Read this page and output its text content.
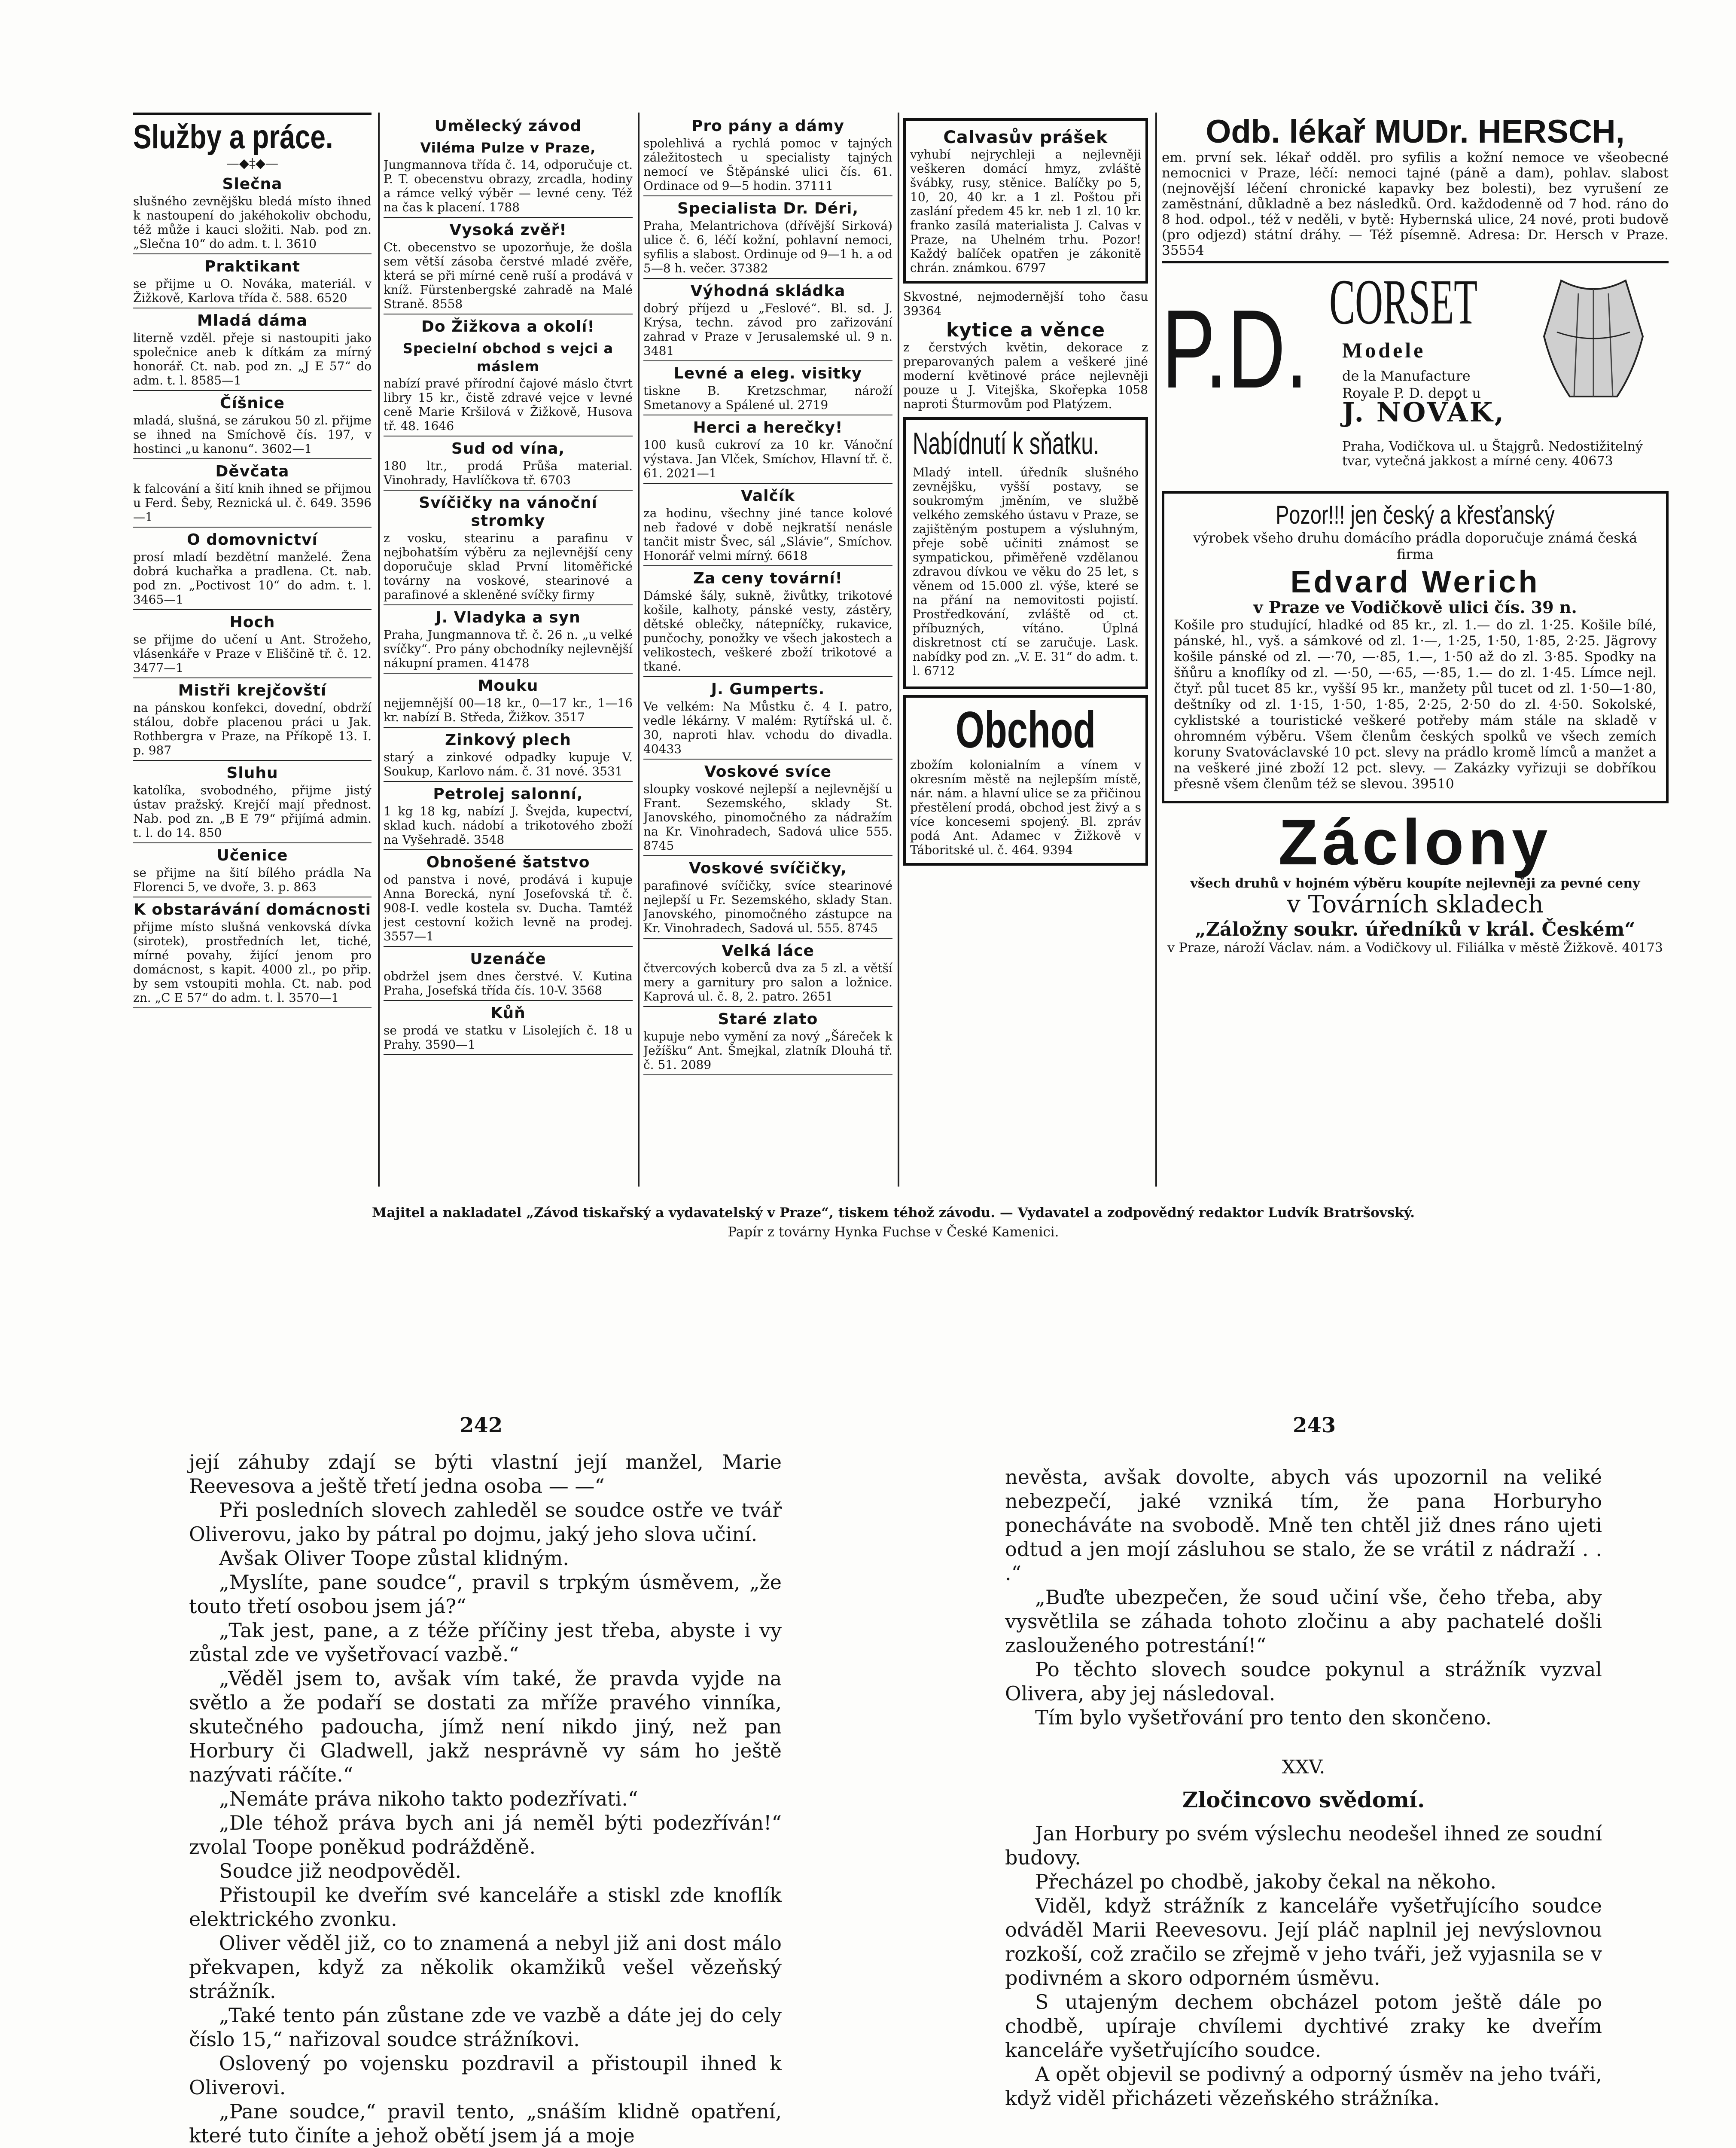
Služby a práce.
—◆‡◆—
Slečna

slušného zevnějšku bledá místo ihned k nastoupení do jakéhokoliv obchodu, též může i kauci složiti. Nab. pod zn. „Slečna 10“ do adm. t. l. 3610

Praktikant

se přijme u O. Nováka, materiál. v Žižkově, Karlova třída č. 588. 6520

Mladá dáma

literně vzděl. přeje si nastoupiti jako společnice aneb k dítkám za mírný honorář. Ct. nab. pod zn. „J E 57“ do adm. t. l. 8585—1

Číšnice

mladá, slušná, se zárukou 50 zl. přijme se ihned na Smíchově čís. 197, v hostinci „u kanonu“. 3602—1

Děvčata

k falcování a šití knih ihned se přijmou u Ferd. Šeby, Reznická ul. č. 649. 3596—1

O domovnictví

prosí mladí bezdětní manželé. Žena dobrá kuchařka a pradlena. Ct. nab. pod zn. „Poctivost 10“ do adm. t. l. 3465—1

Hoch

se přijme do učení u Ant. Strožeho, vlásenkáře v Praze v Eliščině tř. č. 12. 3477—1

Mistři krejčovští

na pánskou konfekci, dovední, obdrží stálou, dobře placenou práci u Jak. Rothbergra v Praze, na Příkopě 13. I. p. 987

Sluhu

katolíka, svobodného, přijme jistý ústav pražský. Krejčí mají přednost. Nab. pod zn. „B E 79“ přijímá admin. t. l. do 14. 850

Učenice

se přijme na šití bílého prádla Na Florenci 5, ve dvoře, 3. p. 863

K obstarávání domácnosti

přijme místo slušná venkovská dívka (sirotek), prostředních let, tiché, mírné povahy, žijící jenom pro domácnost, s kapit. 4000 zl., po přip. by sem vstoupiti mohla. Ct. nab. pod zn. „C E 57“ do adm. t. l. 3570—1

Umělecký závod
Viléma Pulze v Praze,

Jungmannova třída č. 14, odporučuje ct. P. T. obecenstvu obrazy, zrcadla, hodiny a rámce velký výběr — levné ceny. Též na čas k placení. 1788

Vysoká zvěř!

Ct. obecenstvo se upozorňuje, že došla sem větší zásoba čerstvé mladé zvěře, která se při mírné ceně ruší a prodává v kníž. Fürstenbergské zahradě na Malé Straně. 8558

Do Žižkova a okolí!
Specielní obchod s vejci a máslem

nabízí pravé přírodní čajové máslo čtvrt libry 15 kr., čistě zdravé vejce v levné ceně Marie Kršilová v Žižkově, Husova tř. 48. 1646

Sud od vína,

180 ltr., prodá Průša material. Vinohrady, Havlíčkova tř. 6703

Svíčičky na vánoční stromky

z vosku, stearinu a parafinu v nejbohatším výběru za nejlevnější ceny doporučuje sklad První litoměřické továrny na voskové, stearinové a parafinové a skleněné svíčky firmy

J. Vladyka a syn

Praha, Jungmannova tř. č. 26 n. „u velké svíčky“. Pro pány obchodníky nejlevnější nákupní pramen. 41478

Mouku

nejjemnější 00—18 kr., 0—17 kr., 1—16 kr. nabízí B. Středa, Žižkov. 3517

Zinkový plech

starý a zinkové odpadky kupuje V. Soukup, Karlovo nám. č. 31 nové. 3531

Petrolej salonní,

1 kg 18 kg, nabízí J. Švejda, kupectví, sklad kuch. nádobí a trikotového zboží na Vyšehradě. 3548

Obnošené šatstvo

od panstva i nové, prodává i kupuje Anna Borecká, nyní Josefovská tř. č. 908-I. vedle kostela sv. Ducha. Tamtéž jest cestovní kožich levně na prodej. 3557—1

Uzenáče

obdržel jsem dnes čerstvé. V. Kutina Praha, Josefská třída čís. 10-V. 3568

Kůň

se prodá ve statku v Lisolejích č. 18 u Prahy. 3590—1

Pro pány a dámy

spolehlivá a rychlá pomoc v tajných záležitostech u specialisty tajných nemocí ve Štěpánské ulici čís. 61. Ordinace od 9—5 hodin. 37111

Specialista Dr. Déri,

Praha, Melantrichova (dřívější Sirková) ulice č. 6, léčí kožní, pohlavní nemoci, syfilis a slabost. Ordinuje od 9—1 h. a od 5—8 h. večer. 37382

Výhodná skládka

dobrý příjezd u „Feslové“. Bl. sd. J. Krýsa, techn. závod pro zařizování zahrad v Praze v Jerusalemské ul. 9 n. 3481

Levné a eleg. visitky

tiskne B. Kretzschmar, nároží Smetanovy a Spálené ul. 2719

Herci a herečky!

100 kusů cukroví za 10 kr. Vánoční výstava. Jan Vlček, Smíchov, Hlavní tř. č. 61. 2021—1

Valčík

za hodinu, všechny jiné tance kolové neb řadové v době nejkratší nenásle tančit mistr Švec, sál „Slávie“, Smíchov. Honorář velmi mírný. 6618

Za ceny tovární!

Dámské šály, sukně, živůtky, trikotové košile, kalhoty, pánské vesty, zástěry, dětské oblečky, nátepníčky, rukavice, punčochy, ponožky ve všech jakostech a velikostech, veškeré zboží trikotové a tkané.

J. Gumperts.

Ve velkém: Na Můstku č. 4 I. patro, vedle lékárny. V malém: Rytířská ul. č. 30, naproti hlav. vchodu do divadla. 40433

Voskové svíce

sloupky voskové nejlepší a nejlevnější u Frant. Sezemského, sklady St. Janovského, pinomočného za nádražím na Kr. Vinohradech, Sadová ulice 555. 8745

Voskové svíčičky,

parafinové svíčičky, svíce stearinové nejlepší u Fr. Sezemského, sklady Stan. Janovského, pinomočného zástupce na Kr. Vinohradech, Sadová ul. 555. 8745

Velká láce

čtvercových koberců dva za 5 zl. a větší mery a garnitury pro salon a ložnice. Kaprová ul. č. 8, 2. patro. 2651

Staré zlato

kupuje nebo vymění za nový „Šáreček k Ježíšku“ Ant. Šmejkal, zlatník Dlouhá tř. č. 51. 2089

Calvasův prášek

vyhubí nejrychleji a nejlevněji veškeren domácí hmyz, zvláště švábky, rusy, stěnice. Balíčky po 5, 10, 20, 40 kr. a 1 zl. Poštou při zaslání předem 45 kr. neb 1 zl. 10 kr. franko zasílá materialista J. Calvas v Praze, na Uhelném trhu. Pozor! Každý balíček opatřen je zákonitě chrán. známkou. 6797

Skvostné, nejmodernější toho času 39364

kytice a věnce

z čerstvých květin, dekorace z preparovaných palem a veškeré jiné moderní květinové práce nejlevněji pouze u J. Vitejška, Skořepka 1058 naproti Šturmovům pod Platýzem.

Nabídnutí k sňatku.

Mladý intell. úředník slušného zevnějšku, vyšší postavy, se soukromým jměním, ve službě velkého zemského ústavu v Praze, se zajištěným postupem a výsluhným, přeje sobě učiniti známost se sympatickou, přiměřeně vzdělanou zdravou dívkou ve věku do 25 let, s věnem od 15.000 zl. výše, které se na přání na nemovitosti pojistí. Prostředkování, zvláště od ct. příbuzných, vítáno. Úplná diskretnost ctí se zaručuje. Lask. nabídky pod zn. „V. E. 31“ do adm. t. l. 6712

Obchod

zbožím kolonialním a vínem v okresním městě na nejlepším místě, nár. nám. a hlavní ulice se za přičinou přestělení prodá, obchod jest živý a s více koncesemi spojený. Bl. zpráv podá Ant. Adamec v Žižkově v Táboritské ul. č. 464. 9394

Odb. lékař MUDr. HERSCH,

em. první sek. lékař odděl. pro syfilis a kožní nemoce ve všeobecné nemocnici v Praze, léčí: nemoci tajné (páně a dam), pohlav. slabost (nejnovější léčení chronické kapavky bez bolesti), bez vyrušení ze zaměstnání, důkladně a bez následků. Ord. každodenně od 7 hod. ráno do 8 hod. odpol., též v neděli, v bytě: Hybernská ulice, 24 nové, proti budově (pro odjezd) státní dráhy. — Též písemně. Adresa: Dr. Hersch v Praze. 35554

P.D. CORSET
Modele
de la Manufacture
Royale P. D. depot u
J. NOVÁK,
Praha, Vodičkova ul. u Štajgrů. Nedostižitelný tvar, vytečná jakkost a mírné ceny. 40673
Pozor!!! jen český a křesťanský

výrobek všeho druhu domácího prádla doporučuje známá česká firma

Edvard Werich
v Praze ve Vodičkově ulici čís. 39 n.

Košile pro studující, hladké od 85 kr., zl. 1.— do zl. 1·25. Košile bílé, pánské, hl., vyš. a sámkové od zl. 1·—, 1·25, 1·50, 1·85, 2·25. Jägrovy košile pánské od zl. —·70, —·85, 1.—, 1·50 až do zl. 3·85. Spodky na šňůru a knoflíky od zl. —·50, —·65, —·85, 1.— do zl. 1·45. Límce nejl. čtyř. půl tucet 85 kr., vyšší 95 kr., manžety půl tucet od zl. 1·50—1·80, deštníky od zl. 1·15, 1·50, 1·85, 2·25, 2·50 do zl. 4·50. Sokolské, cyklistské a touristické veškeré potřeby mám stále na skladě v ohromném výběru. Všem členům českých spolků ve všech zemích koruny Svatováclavské 10 pct. slevy na prádlo kromě límců a manžet a na veškeré jiné zboží 12 pct. slevy. — Zakázky vyřizuji se dobříkou přesně všem členům též se slevou. 39510

Záclony
všech druhů v hojném výběru koupíte nejlevněji za pevné ceny
v Továrních skladech
„Záložny soukr. úředníků v král. Českém“
v Praze, nároží Václav. nám. a Vodičkovy ul. Filiálka v městě Žižkově. 40173
Majitel a nakladatel „Závod tiskařský a vydavatelský v Praze“, tiskem téhož závodu. — Vydavatel a zodpovědný redaktor Ludvík Bratršovský.
Papír z továrny Hynka Fuchse v České Kamenici.
242	243

její záhuby zdají se býti vlastní její manžel, Marie Reevesova a ještě třetí jedna osoba — —“

Při posledních slovech zahleděl se soudce ostře ve tvář Oliverovu, jako by pátral po dojmu, jaký jeho slova učiní.

Avšak Oliver Toope zůstal klidným.

„Myslíte, pane soudce“, pravil s trpkým úsměvem, „že touto třetí osobou jsem já?“

„Tak jest, pane, a z téže příčiny jest třeba, abyste i vy zůstal zde ve vyšetřovací vazbě.“

„Věděl jsem to, avšak vím také, že pravda vyjde na světlo a že podaří se dostati za mříže pravého vinníka, skutečného padoucha, jímž není nikdo jiný, než pan Horbury či Gladwell, jakž nesprávně vy sám ho ještě nazývati ráčíte.“

„Nemáte práva nikoho takto podezřívati.“

„Dle téhož práva bych ani já neměl býti podezříván!“ zvolal Toope poněkud podrážděně.

Soudce již neodpověděl.

Přistoupil ke dveřím své kanceláře a stiskl zde knoflík elektrického zvonku.

Oliver věděl již, co to znamená a nebyl již ani dost málo překvapen, když za několik okamžiků vešel vězeňský strážník.

„Také tento pán zůstane zde ve vazbě a dáte jej do cely číslo 15,“ nařizoval soudce strážníkovi.

Oslovený po vojensku pozdravil a přistoupil ihned k Oliverovi.

„Pane soudce,“ pravil tento, „snáším klidně opatření, které tuto činíte a jehož obětí jsem já a moje

nevěsta, avšak dovolte, abych vás upozornil na veliké nebezpečí, jaké vzniká tím, že pana Horburyho ponecháváte na svobodě. Mně ten chtěl již dnes ráno ujeti odtud a jen mojí zásluhou se stalo, že se vrátil z nádraží . . .“

„Buďte ubezpečen, že soud učiní vše, čeho třeba, aby vysvětlila se záhada tohoto zločinu a aby pachatelé došli zaslouženého potrestání!“

Po těchto slovech soudce pokynul a strážník vyzval Olivera, aby jej následoval.

Tím bylo vyšetřování pro tento den skončeno.

XXV.
Zločincovo svědomí.

Jan Horbury po svém výslechu neodešel ihned ze soudní budovy.

Přecházel po chodbě, jakoby čekal na někoho.

Viděl, když strážník z kanceláře vyšetřujícího soudce odváděl Marii Reevesovu. Její pláč naplnil jej nevýslovnou rozkoší, což zračilo se zřejmě v jeho tváři, jež vyjasnila se v podivném a skoro odporném úsměvu.

S utajeným dechem obcházel potom ještě dále po chodbě, upíraje chvílemi dychtivé zraky ke dveřím kanceláře vyšetřujícího soudce.

A opět objevil se podivný a odporný úsměv na jeho tváři, když viděl přicházeti vězeňského strážníka.
